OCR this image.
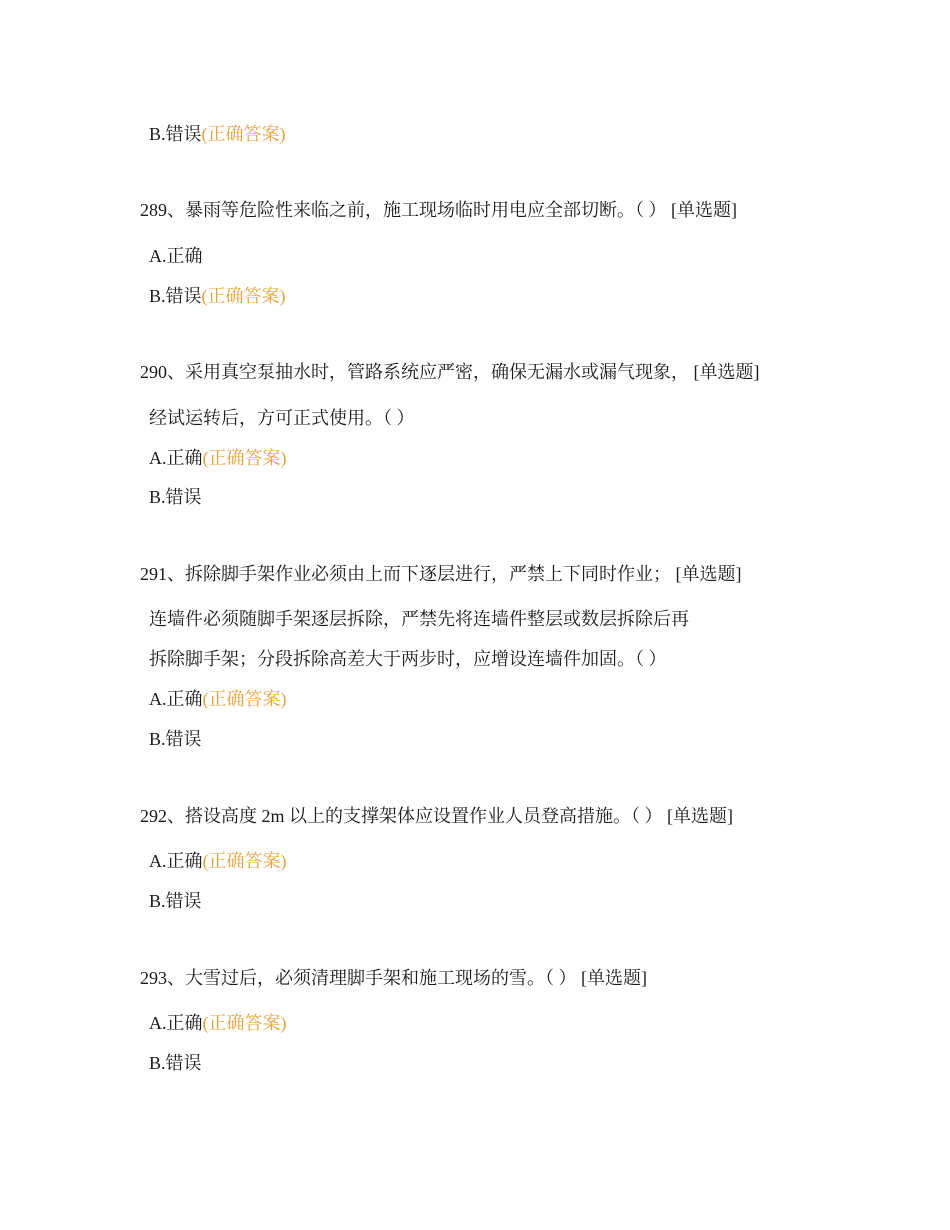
B.错误(正确答案)
289、暴雨等危险性来临之前，施工现场临时用电应全部切断。（ ） [单选题]
A.正确
B.错误(正确答案)
290、采用真空泵抽水时，管路系统应严密，确保无漏水或漏气现象， [单选题]
经试运转后，方可正式使用。（ ）
A.正确(正确答案)
B.错误
291、拆除脚手架作业必须由上而下逐层进行，严禁上下同时作业； [单选题]
连墙件必须随脚手架逐层拆除，严禁先将连墙件整层或数层拆除后再
拆除脚手架；分段拆除高差大于两步时，应增设连墙件加固。（ ）
A.正确(正确答案)
B.错误
292、搭设高度 2m 以上的支撑架体应设置作业人员登高措施。（ ） [单选题]
A.正确(正确答案)
B.错误
293、大雪过后，必须清理脚手架和施工现场的雪。（ ） [单选题]
A.正确(正确答案)
B.错误
